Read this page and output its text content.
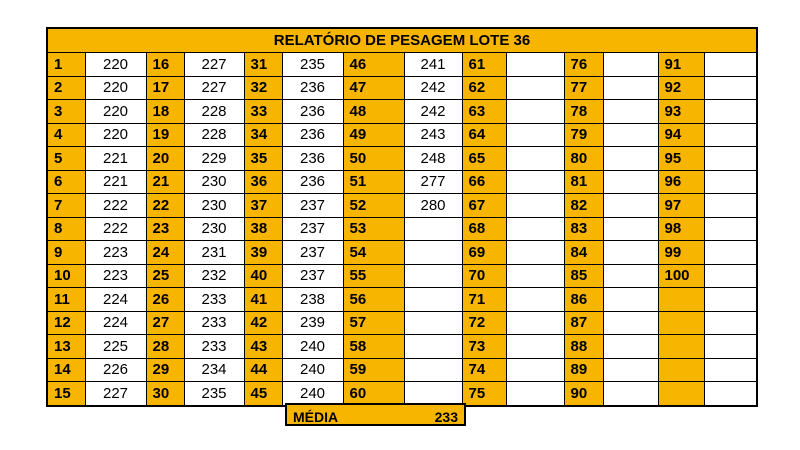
RELATÓRIO DE PESAGEM LOTE 36													
1	220	16	227	31	235	46	241	61		76		91	
2	220	17	227	32	236	47	242	62		77		92	
3	220	18	228	33	236	48	242	63		78		93	
4	220	19	228	34	236	49	243	64		79		94	
5	221	20	229	35	236	50	248	65		80		95	
6	221	21	230	36	236	51	277	66		81		96	
7	222	22	230	37	237	52	280	67		82		97	
8	222	23	230	38	237	53		68		83		98	
9	223	24	231	39	237	54		69		84		99	
10	223	25	232	40	237	55		70		85		100	
11	224	26	233	41	238	56		71		86			
12	224	27	233	42	239	57		72		87			
13	225	28	233	43	240	58		73		88			
14	226	29	234	44	240	59		74		89			
15	227	30	235	45	240	60		75		90			
MÉDIA	233
